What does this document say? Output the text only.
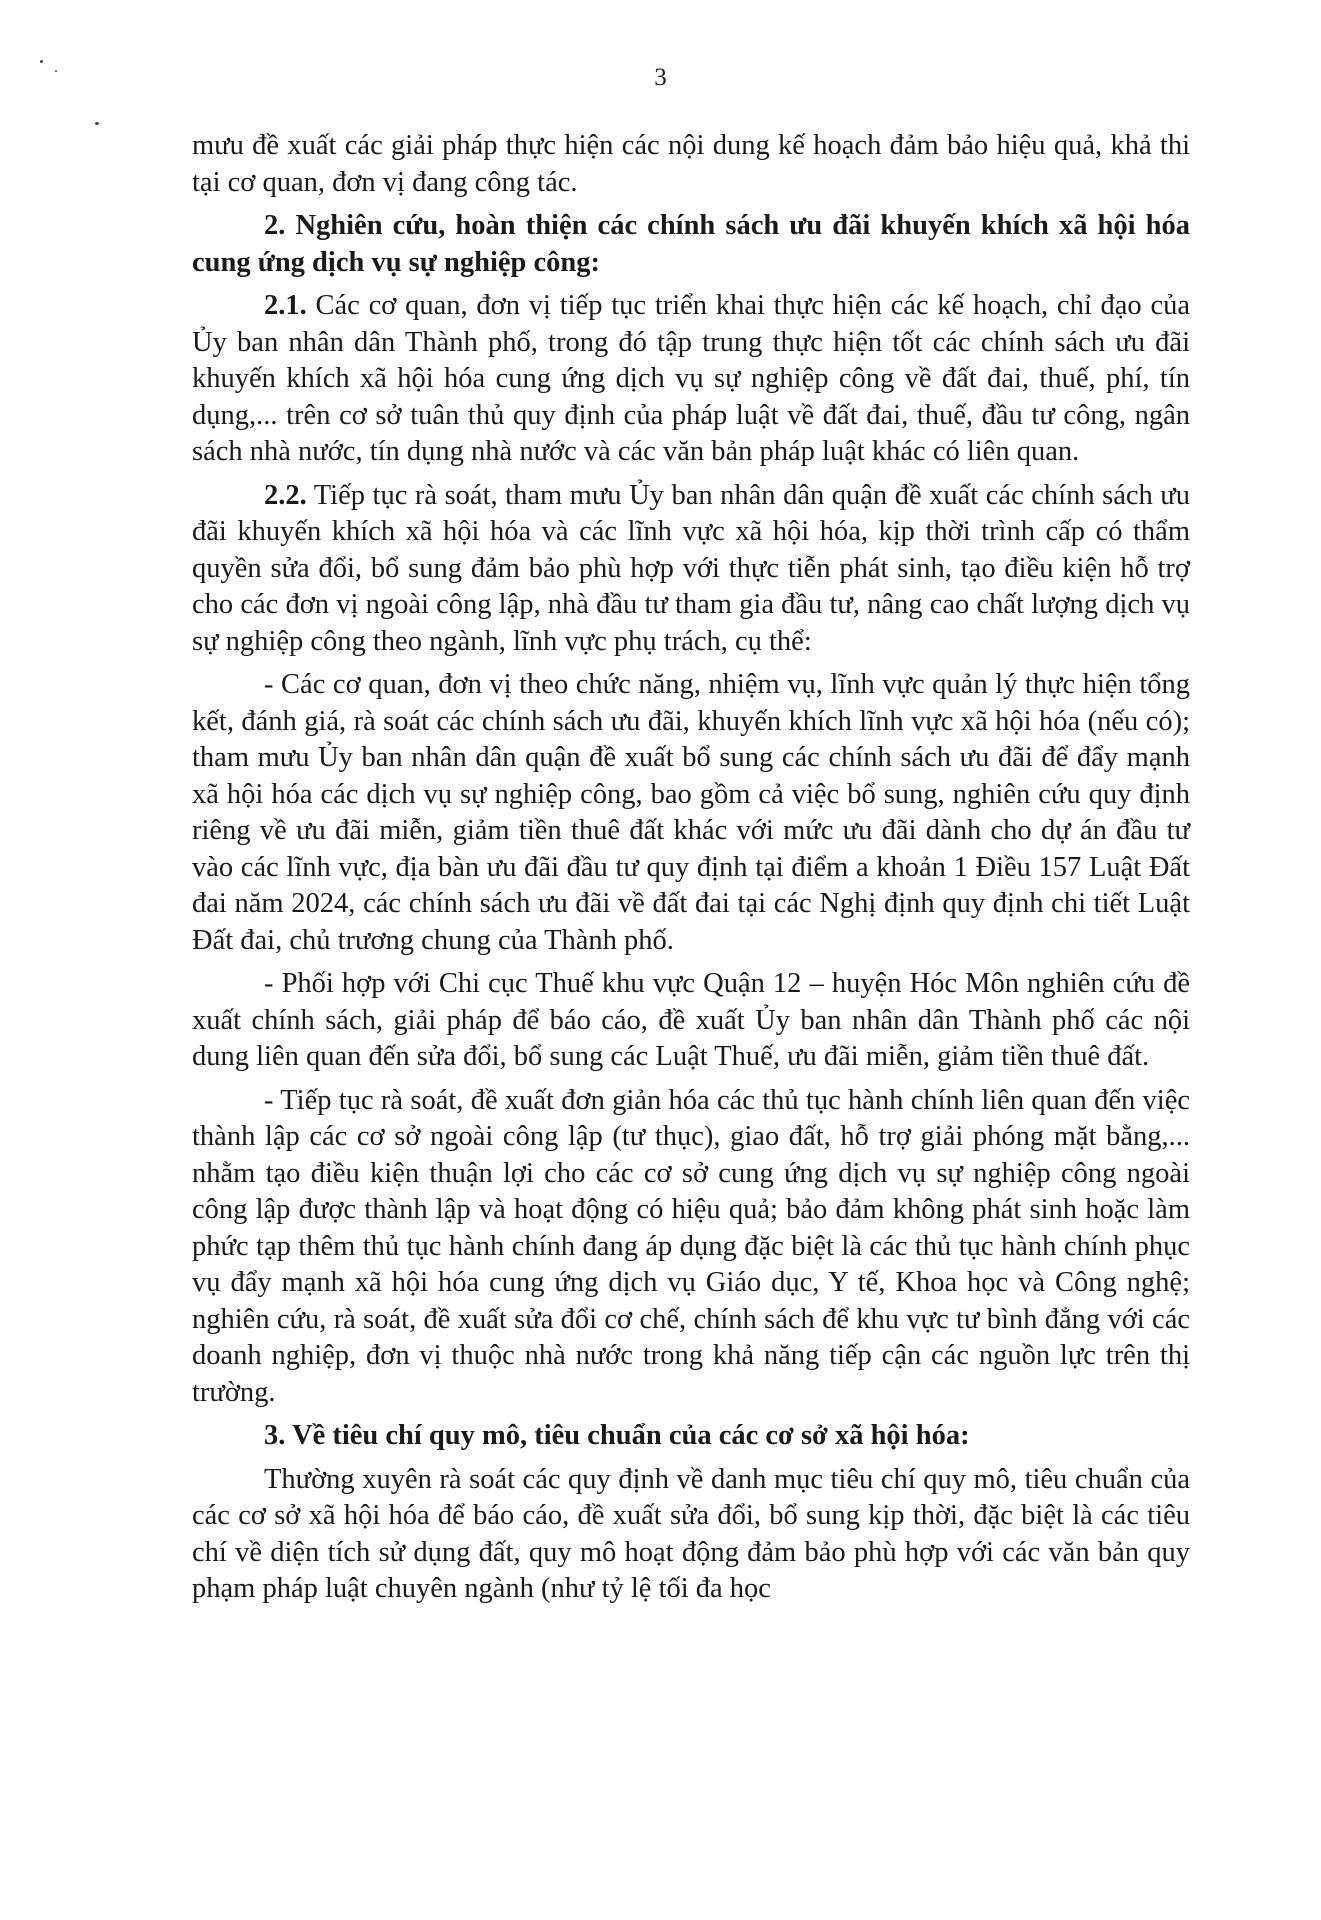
3

mưu đề xuất các giải pháp thực hiện các nội dung kế hoạch đảm bảo hiệu quả, khả thi tại cơ quan, đơn vị đang công tác.

2. Nghiên cứu, hoàn thiện các chính sách ưu đãi khuyến khích xã hội hóa cung ứng dịch vụ sự nghiệp công:

2.1. Các cơ quan, đơn vị tiếp tục triển khai thực hiện các kế hoạch, chỉ đạo của Ủy ban nhân dân Thành phố, trong đó tập trung thực hiện tốt các chính sách ưu đãi khuyến khích xã hội hóa cung ứng dịch vụ sự nghiệp công về đất đai, thuế, phí, tín dụng,... trên cơ sở tuân thủ quy định của pháp luật về đất đai, thuế, đầu tư công, ngân sách nhà nước, tín dụng nhà nước và các văn bản pháp luật khác có liên quan.

2.2. Tiếp tục rà soát, tham mưu Ủy ban nhân dân quận đề xuất các chính sách ưu đãi khuyến khích xã hội hóa và các lĩnh vực xã hội hóa, kịp thời trình cấp có thẩm quyền sửa đổi, bổ sung đảm bảo phù hợp với thực tiễn phát sinh, tạo điều kiện hỗ trợ cho các đơn vị ngoài công lập, nhà đầu tư tham gia đầu tư, nâng cao chất lượng dịch vụ sự nghiệp công theo ngành, lĩnh vực phụ trách, cụ thể:

- Các cơ quan, đơn vị theo chức năng, nhiệm vụ, lĩnh vực quản lý thực hiện tổng kết, đánh giá, rà soát các chính sách ưu đãi, khuyến khích lĩnh vực xã hội hóa (nếu có); tham mưu Ủy ban nhân dân quận đề xuất bổ sung các chính sách ưu đãi để đẩy mạnh xã hội hóa các dịch vụ sự nghiệp công, bao gồm cả việc bổ sung, nghiên cứu quy định riêng về ưu đãi miễn, giảm tiền thuê đất khác với mức ưu đãi dành cho dự án đầu tư vào các lĩnh vực, địa bàn ưu đãi đầu tư quy định tại điểm a khoản 1 Điều 157 Luật Đất đai năm 2024, các chính sách ưu đãi về đất đai tại các Nghị định quy định chi tiết Luật Đất đai, chủ trương chung của Thành phố.

- Phối hợp với Chi cục Thuế khu vực Quận 12 – huyện Hóc Môn nghiên cứu đề xuất chính sách, giải pháp để báo cáo, đề xuất Ủy ban nhân dân Thành phố các nội dung liên quan đến sửa đổi, bổ sung các Luật Thuế, ưu đãi miễn, giảm tiền thuê đất.

- Tiếp tục rà soát, đề xuất đơn giản hóa các thủ tục hành chính liên quan đến việc thành lập các cơ sở ngoài công lập (tư thục), giao đất, hỗ trợ giải phóng mặt bằng,... nhằm tạo điều kiện thuận lợi cho các cơ sở cung ứng dịch vụ sự nghiệp công ngoài công lập được thành lập và hoạt động có hiệu quả; bảo đảm không phát sinh hoặc làm phức tạp thêm thủ tục hành chính đang áp dụng đặc biệt là các thủ tục hành chính phục vụ đẩy mạnh xã hội hóa cung ứng dịch vụ Giáo dục, Y tế, Khoa học và Công nghệ; nghiên cứu, rà soát, đề xuất sửa đổi cơ chế, chính sách để khu vực tư bình đẳng với các doanh nghiệp, đơn vị thuộc nhà nước trong khả năng tiếp cận các nguồn lực trên thị trường.

3. Về tiêu chí quy mô, tiêu chuẩn của các cơ sở xã hội hóa:

Thường xuyên rà soát các quy định về danh mục tiêu chí quy mô, tiêu chuẩn của các cơ sở xã hội hóa để báo cáo, đề xuất sửa đổi, bổ sung kịp thời, đặc biệt là các tiêu chí về diện tích sử dụng đất, quy mô hoạt động đảm bảo phù hợp với các văn bản quy phạm pháp luật chuyên ngành (như tỷ lệ tối đa học
